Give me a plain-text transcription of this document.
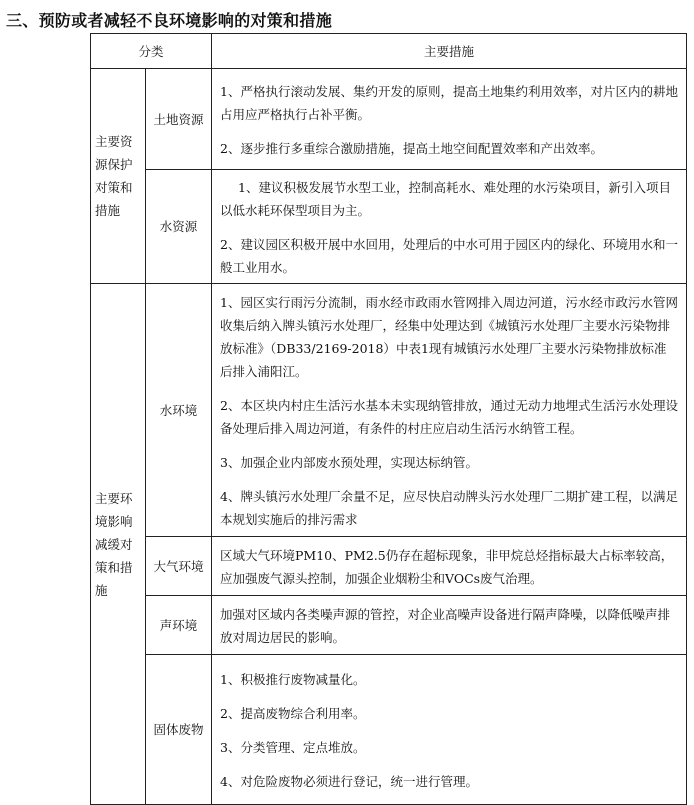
三、预防或者减轻不良环境影响的对策和措施
分类		主要措施
主要资源保护对策和措施	土地资源	1、严格执行滚动发展、集约开发的原则，提高土地集约利用效率，对片区内的耕地占用应严格执行占补平衡。

2、逐步推行多重综合激励措施，提高土地空间配置效率和产出效率。

	水资源	1、建议积极发展节水型工业，控制高耗水、难处理的水污染项目，新引入项目以低水耗环保型项目为主。

2、建议园区积极开展中水回用，处理后的中水可用于园区内的绿化、环境用水和一般工业用水。

主要环境影响减缓对策和措施	水环境	1、园区实行雨污分流制，雨水经市政雨水管网排入周边河道，污水经市政污水管网收集后纳入牌头镇污水处理厂，经集中处理达到《城镇污水处理厂主要水污染物排放标准》（DB33/2169-2018）中表1现有城镇污水处理厂主要水污染物排放标准后排入浦阳江。

2、本区块内村庄生活污水基本未实现纳管排放，通过无动力地埋式生活污水处理设备处理后排入周边河道，有条件的村庄应启动生活污水纳管工程。

3、加强企业内部废水预处理，实现达标纳管。

4、牌头镇污水处理厂余量不足，应尽快启动牌头污水处理厂二期扩建工程，以满足本规划实施后的排污需求

	大气环境	区域大气环境PM10、PM2.5仍存在超标现象，非甲烷总烃指标最大占标率较高，应加强废气源头控制，加强企业烟粉尘和VOCs废气治理。

	声环境	加强对区域内各类噪声源的管控，对企业高噪声设备进行隔声降噪，以降低噪声排放对周边居民的影响。

	固体废物	1、积极推行废物减量化。

2、提高废物综合利用率。

3、分类管理、定点堆放。

4、对危险废物必须进行登记，统一进行管理。
